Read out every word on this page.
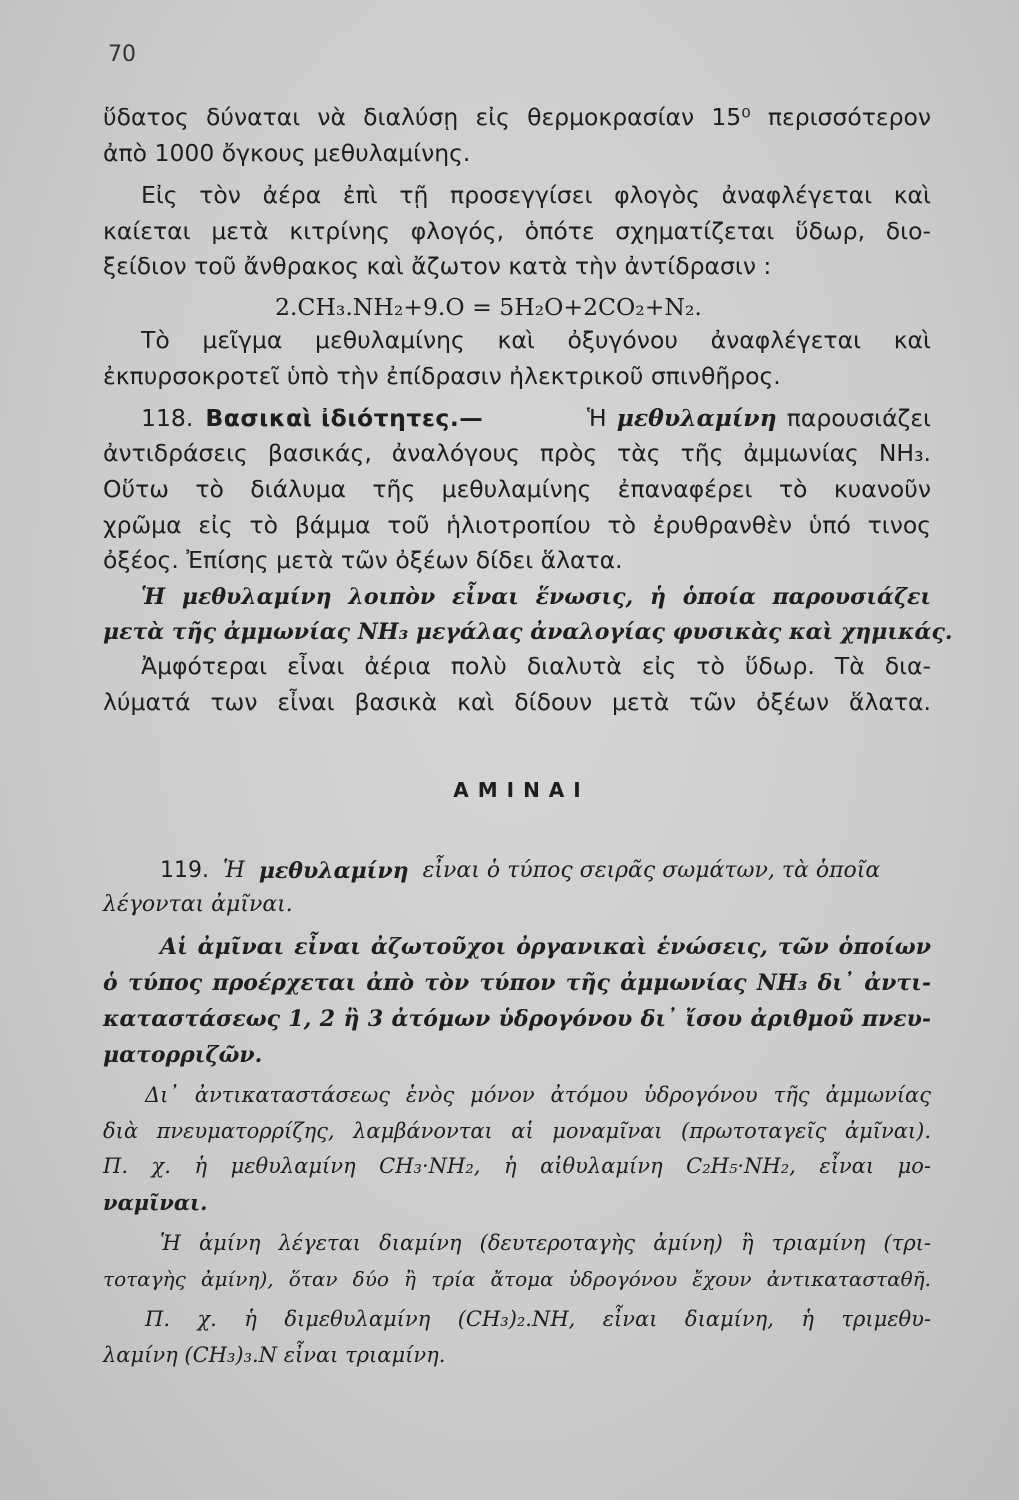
70
ὕδατος δύναται νὰ διαλύσῃ εἰς θερμοκρασίαν 15⁰ περισσότερον
ἀπὸ 1000 ὄγκους μεθυλαμίνης.
Εἰς τὸν ἀέρα ἐπὶ τῇ προσεγγίσει φλογὸς ἀναφλέγεται καὶ
καίεται μετὰ κιτρίνης φλογός, ὁπότε σχηματίζεται ὕδωρ, διο-
ξείδιον τοῦ ἄνθρακος καὶ ἄζωτον κατὰ τὴν ἀντίδρασιν :
2.CH₃.NH₂+9.O = 5H₂O+2CO₂+N₂.
Τὸ μεῖγμα μεθυλαμίνης καὶ ὀξυγόνου ἀναφλέγεται καὶ
ἐκπυρσοκροτεῖ ὑπὸ τὴν ἐπίδρασιν ἠλεκτρικοῦ σπινθῆρος.
118. Βασικαὶ ἰδιότητες.—	Ἡ μεθυλαμίνη παρουσιάζει
ἀντιδράσεις βασικάς, ἀναλόγους πρὸς τὰς τῆς ἀμμωνίας NH₃.
Οὕτω τὸ διάλυμα τῆς μεθυλαμίνης ἐπαναφέρει τὸ κυανοῦν
χρῶμα εἰς τὸ βάμμα τοῦ ἡλιοτροπίου τὸ ἐρυθρανθὲν ὑπό τινος
ὀξέος. Ἐπίσης μετὰ τῶν ὀξέων δίδει ἅλατα.
Ἡ μεθυλαμίνη λοιπὸν εἶναι ἕνωσις, ἡ ὁποία παρουσιάζει
μετὰ τῆς ἀμμωνίας NH₃ μεγάλας ἀναλογίας φυσικὰς καὶ χημικάς.
Ἀμφότεραι εἶναι ἀέρια πολὺ διαλυτὰ εἰς τὸ ὕδωρ. Τὰ δια-
λύματά των εἶναι βασικὰ καὶ δίδουν μετὰ τῶν ὀξέων ἅλατα.
ΑΜΙΝΑΙ
119. Ἡ μεθυλαμίνη εἶναι ὁ τύπος σειρᾶς σωμάτων, τὰ ὁποῖα
λέγονται ἀμῖναι.
Αἱ ἀμῖναι εἶναι ἀζωτοῦχοι ὀργανικαὶ ἑνώσεις, τῶν ὁποίων
ὁ τύπος προέρχεται ἀπὸ τὸν τύπον τῆς ἀμμωνίας NH₃ δι᾽ ἀντι-
καταστάσεως 1, 2 ἢ 3 ἀτόμων ὑδρογόνου δι᾽ ἴσου ἀριθμοῦ πνευ-
ματορριζῶν.
Δι᾽ ἀντικαταστάσεως ἑνὸς μόνον ἀτόμου ὑδρογόνου τῆς ἀμμωνίας
διὰ πνευματορρίζης, λαμβάνονται αἱ μοναμῖναι (πρωτοταγεῖς ἀμῖναι).
Π. χ. ἡ μεθυλαμίνη CH₃·NH₂, ἡ αἰθυλαμίνη C₂H₅·NH₂, εἶναι μο-
ναμῖναι.
Ἡ ἀμίνη λέγεται διαμίνη (δευτεροταγὴς ἀμίνη) ἢ τριαμίνη (τρι-
τοταγὴς ἀμίνη), ὅταν δύο ἢ τρία ἄτομα ὑδρογόνου ἔχουν ἀντικατασταθῆ.
Π. χ. ἡ διμεθυλαμίνη (CH₃)₂.NH, εἶναι διαμίνη, ἡ τριμεθυ-
λαμίνη (CH₃)₃.N εἶναι τριαμίνη.
